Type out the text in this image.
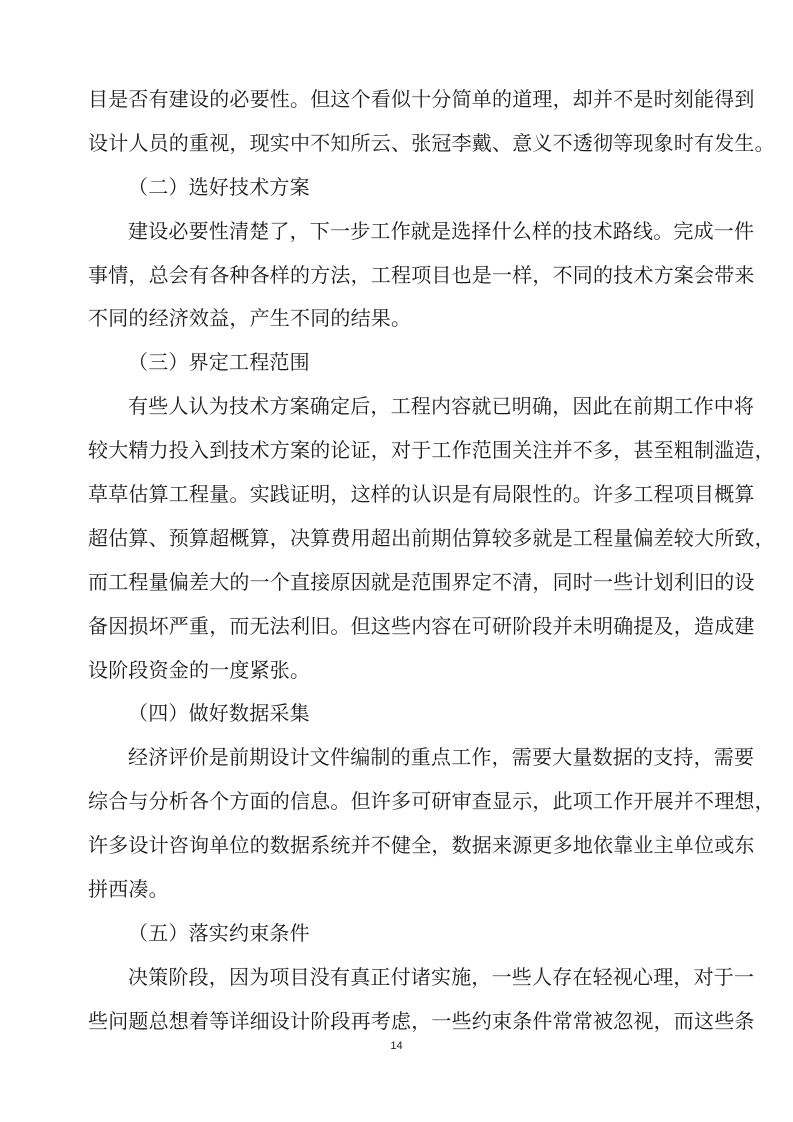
目是否有建设的必要性。但这个看似十分简单的道理，却并不是时刻能得到
设计人员的重视，现实中不知所云、张冠李戴、意义不透彻等现象时有发生。
（二）选好技术方案
建设必要性清楚了，下一步工作就是选择什么样的技术路线。完成一件
事情，总会有各种各样的方法，工程项目也是一样，不同的技术方案会带来
不同的经济效益，产生不同的结果。
（三）界定工程范围
有些人认为技术方案确定后，工程内容就已明确，因此在前期工作中将
较大精力投入到技术方案的论证，对于工作范围关注并不多，甚至粗制滥造，
草草估算工程量。实践证明，这样的认识是有局限性的。许多工程项目概算
超估算、预算超概算，决算费用超出前期估算较多就是工程量偏差较大所致，
而工程量偏差大的一个直接原因就是范围界定不清，同时一些计划利旧的设
备因损坏严重，而无法利旧。但这些内容在可研阶段并未明确提及，造成建
设阶段资金的一度紧张。
（四）做好数据采集
经济评价是前期设计文件编制的重点工作，需要大量数据的支持，需要
综合与分析各个方面的信息。但许多可研审查显示，此项工作开展并不理想，
许多设计咨询单位的数据系统并不健全，数据来源更多地依靠业主单位或东
拼西凑。
（五）落实约束条件
决策阶段，因为项目没有真正付诸实施，一些人存在轻视心理，对于一
些问题总想着等详细设计阶段再考虑，一些约束条件常常被忽视，而这些条
14
